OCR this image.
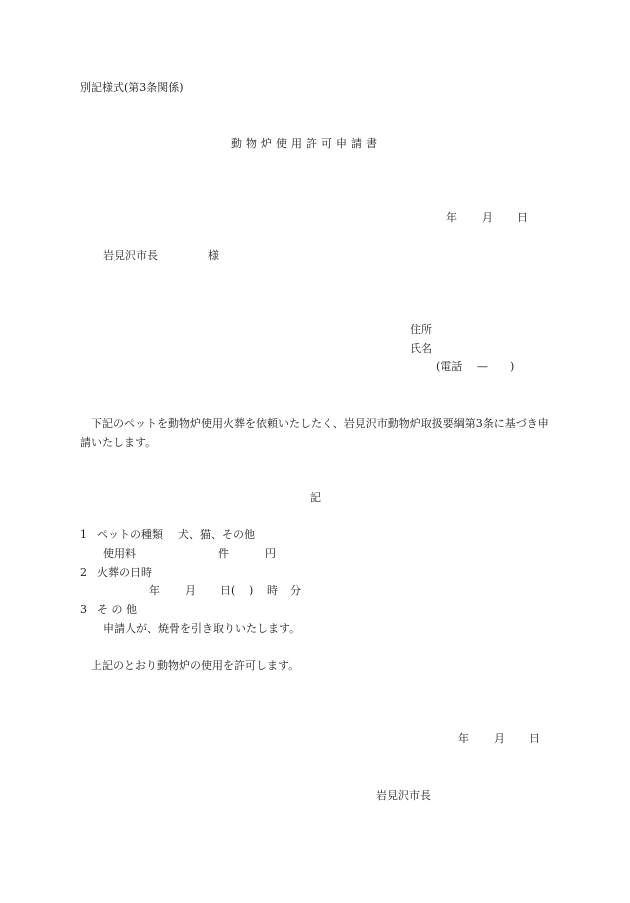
別記様式(第3条関係)
動物炉使用許可申請書
年 月 日
岩見沢市長	様
住所
氏名
(電話 — )
下記のペットを動物炉使用火葬を依頼いたしたく、岩見沢市動物炉取扱要綱第3条に基づき申請いたします。
記
1 ペットの種類 犬、猫、その他
使用料	件	円
2 火葬の日時
年 月 日( ) 時 分
3 そ の 他
申請人が、焼骨を引き取りいたします。
上記のとおり動物炉の使用を許可します。
年 月 日
岩見沢市長
